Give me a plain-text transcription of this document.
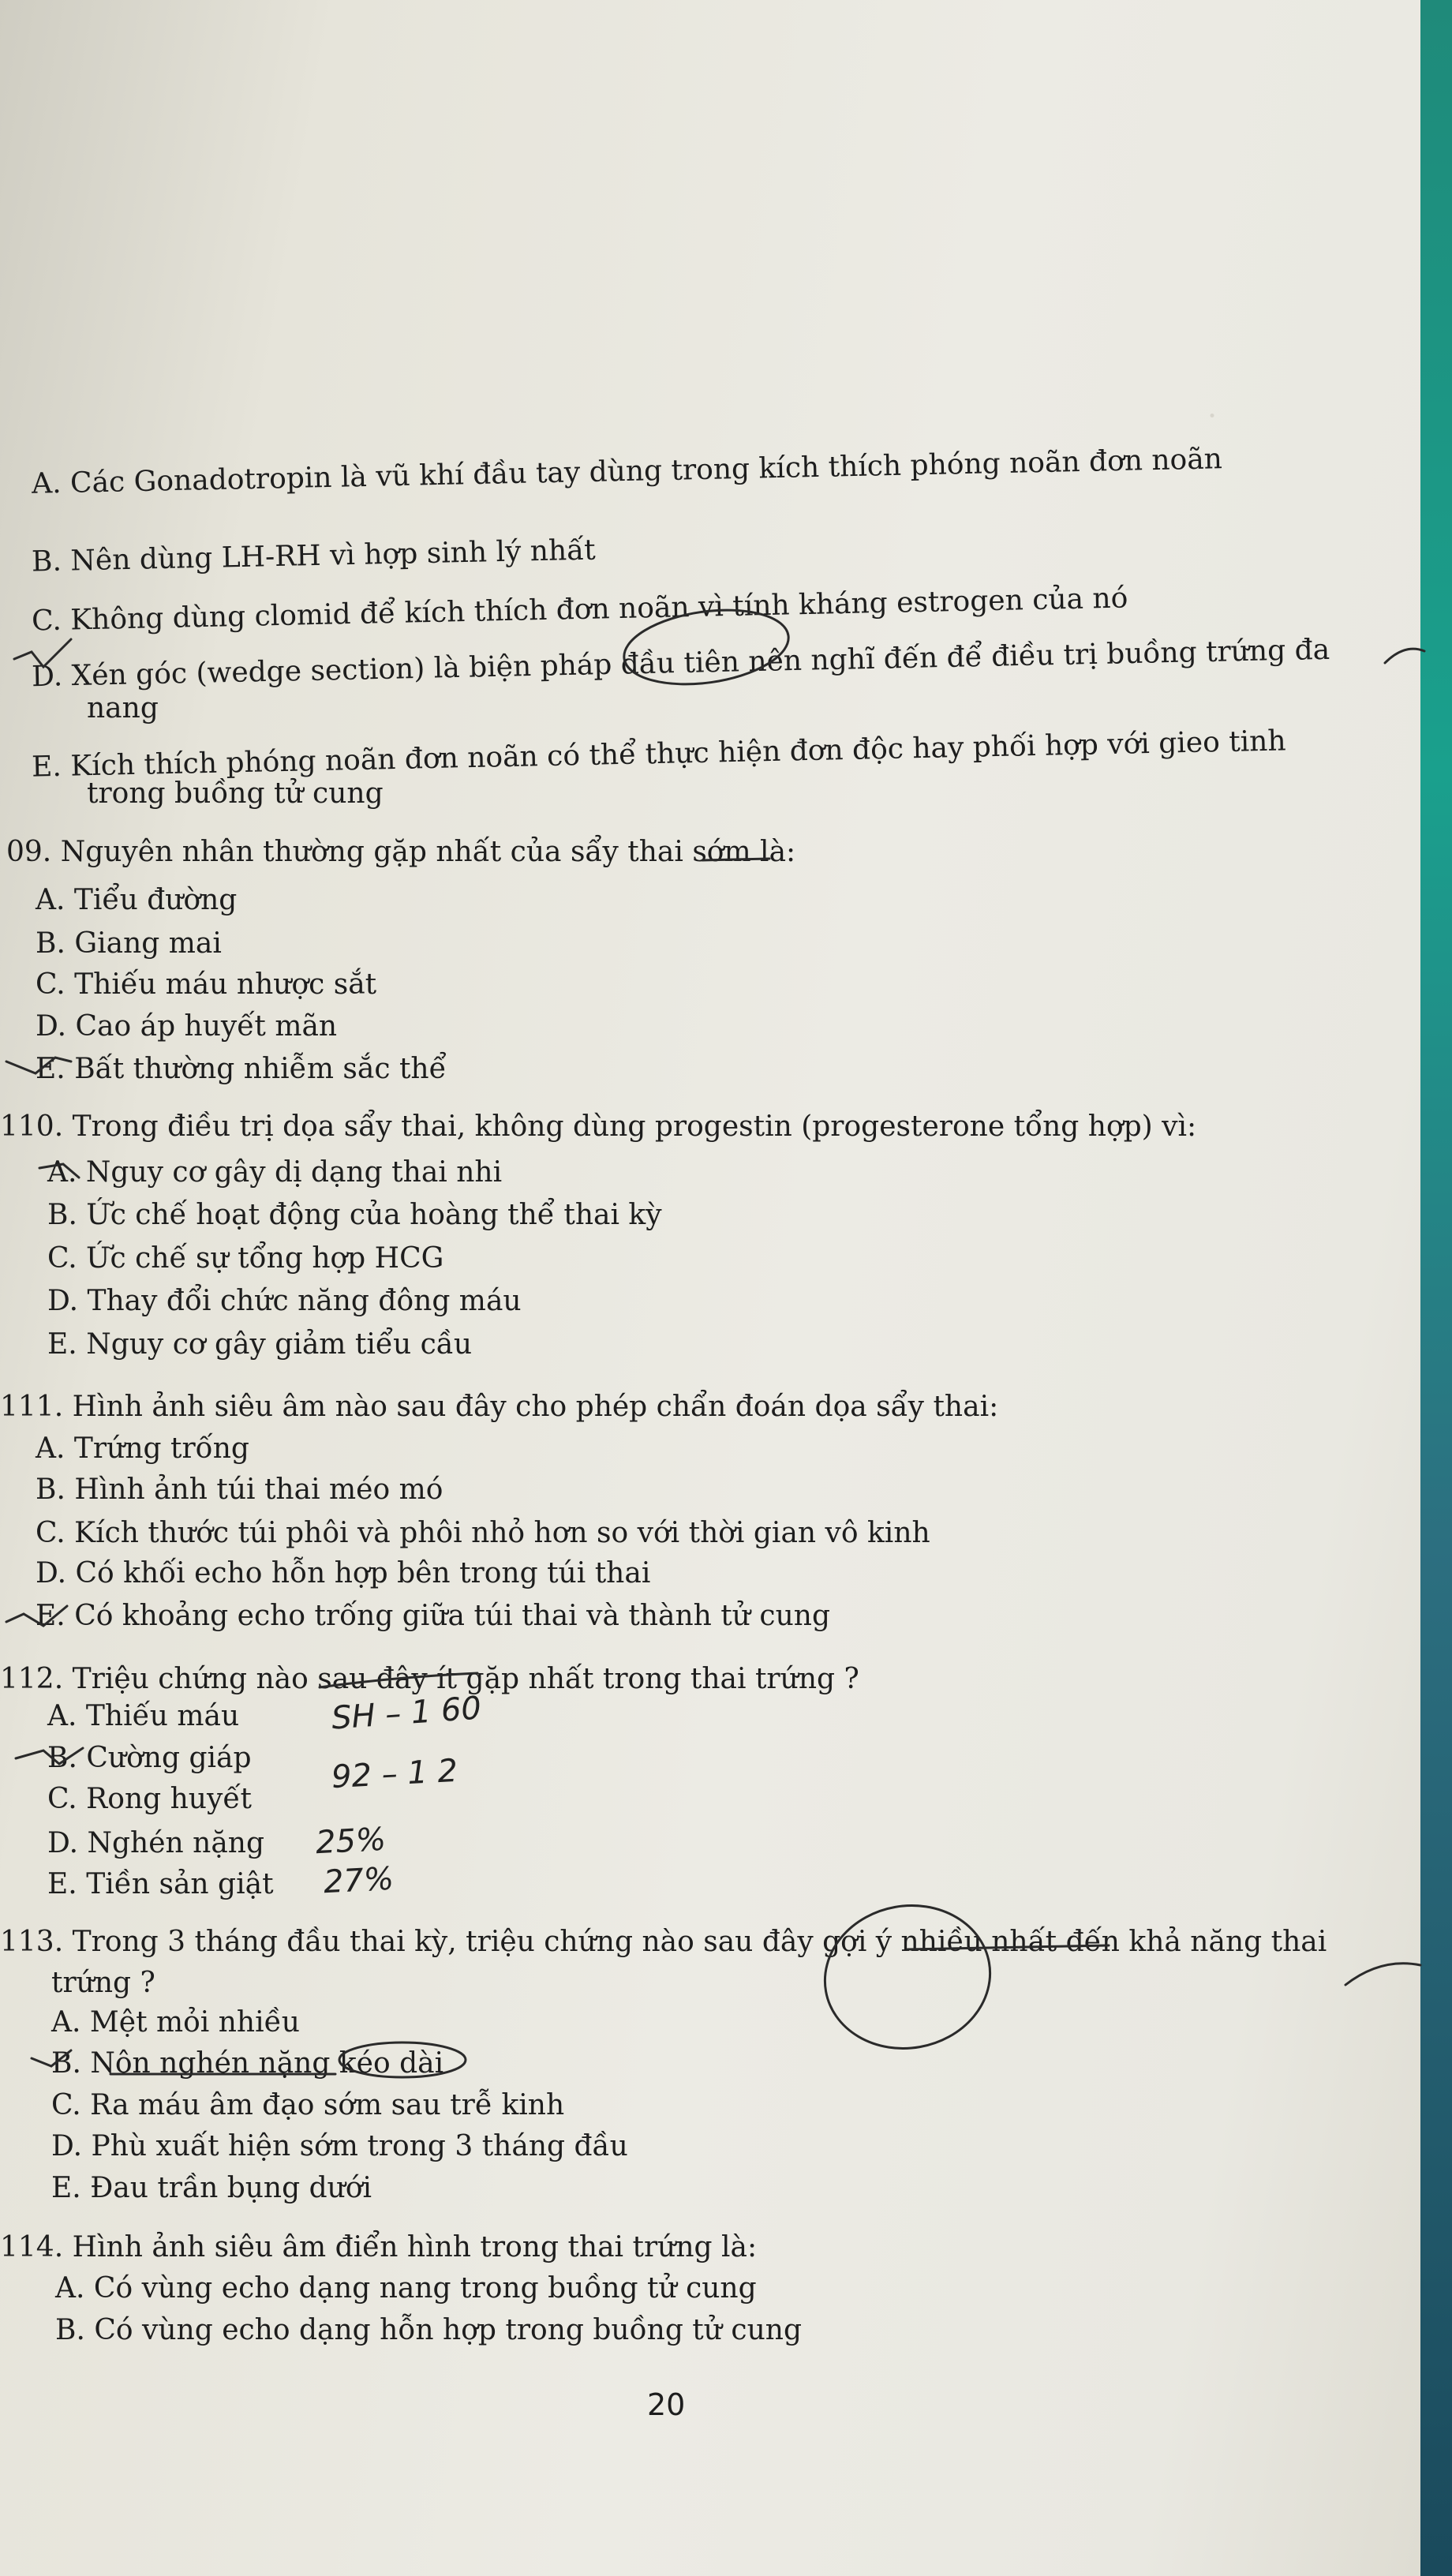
·
A. Các Gonadotropin là vũ khí đầu tay dùng trong kích thích phóng noãn đơn noãn
B. Nên dùng LH-RH vì hợp sinh lý nhất
C. Không dùng clomid để kích thích đơn noãn vì tính kháng estrogen của nó
D. Xén góc (wedge section) là biện pháp đầu tiên nên nghĩ đến để điều trị buồng trứng đa
nang
E. Kích thích phóng noãn đơn noãn có thể thực hiện đơn độc hay phối hợp với gieo tinh
trong buồng tử cung
09. Nguyên nhân thường gặp nhất của sẩy thai sớm là:
A. Tiểu đường
B. Giang mai
C. Thiếu máu nhược sắt
D. Cao áp huyết mãn
E. Bất thường nhiễm sắc thể
110. Trong điều trị dọa sẩy thai, không dùng progestin (progesterone tổng hợp) vì:
A. Nguy cơ gây dị dạng thai nhi
B. Ức chế hoạt động của hoàng thể thai kỳ
C. Ức chế sự tổng hợp HCG
D. Thay đổi chức năng đông máu
E. Nguy cơ gây giảm tiểu cầu
111. Hình ảnh siêu âm nào sau đây cho phép chẩn đoán dọa sẩy thai:
A. Trứng trống
B. Hình ảnh túi thai méo mó
C. Kích thước túi phôi và phôi nhỏ hơn so với thời gian vô kinh
D. Có khối echo hỗn hợp bên trong túi thai
E. Có khoảng echo trống giữa túi thai và thành tử cung
112. Triệu chứng nào sau đây ít gặp nhất trong thai trứng ?
A. Thiếu máu
B. Cường giáp
C. Rong huyết
D. Nghén nặng
E. Tiền sản giật
113. Trong 3 tháng đầu thai kỳ, triệu chứng nào sau đây gợi ý nhiều nhất đến khả năng thai
trứng ?
A. Mệt mỏi nhiều
B. Nôn nghén nặng kéo dài
C. Ra máu âm đạo sớm sau trễ kinh
D. Phù xuất hiện sớm trong 3 tháng đầu
E. Đau trần bụng dưới
114. Hình ảnh siêu âm điển hình trong thai trứng là:
A. Có vùng echo dạng nang trong buồng tử cung
B. Có vùng echo dạng hỗn hợp trong buồng tử cung
20
SH – 1 60
92 – 1 2
25%
27%
